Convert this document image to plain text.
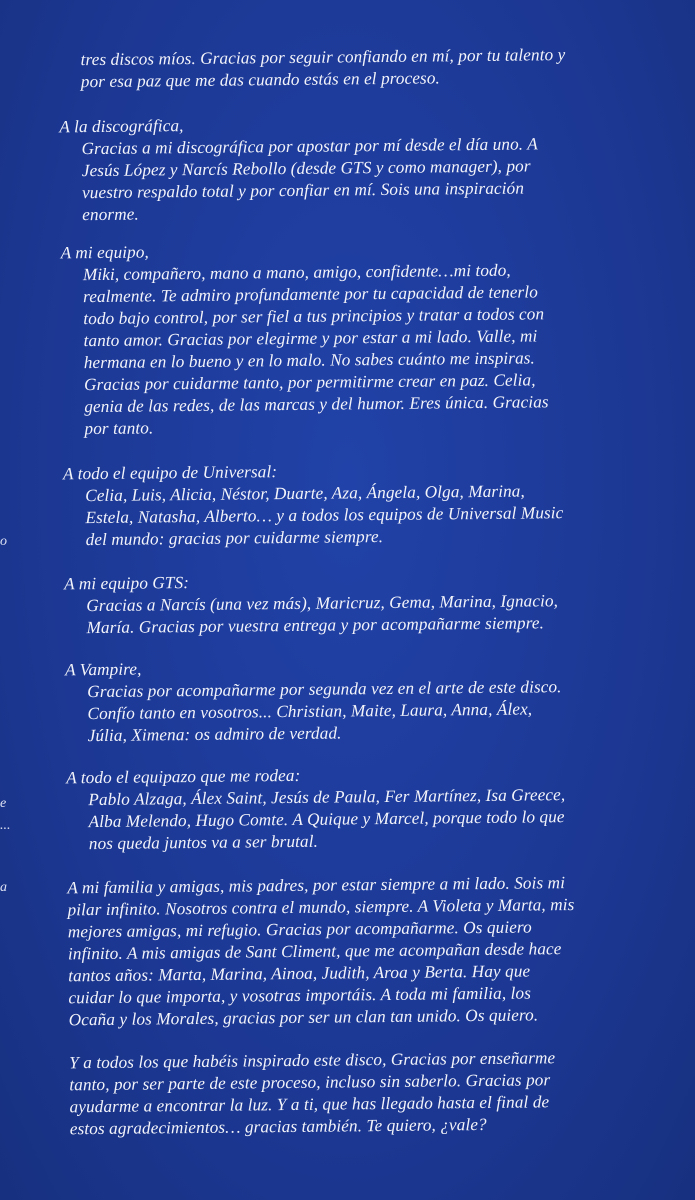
tres discos míos. Gracias por seguir confiando en mí, por tu talento y
por esa paz que me das cuando estás en el proceso.
A la discográfica,
Gracias a mi discográfica por apostar por mí desde el día uno. A
Jesús López y Narcís Rebollo (desde GTS y como manager), por
vuestro respaldo total y por confiar en mí. Sois una inspiración
enorme.
A mi equipo,
Miki, compañero, mano a mano, amigo, confidente…mi todo,
realmente. Te admiro profundamente por tu capacidad de tenerlo
todo bajo control, por ser fiel a tus principios y tratar a todos con
tanto amor. Gracias por elegirme y por estar a mi lado. Valle, mi
hermana en lo bueno y en lo malo. No sabes cuánto me inspiras.
Gracias por cuidarme tanto, por permitirme crear en paz. Celia,
genia de las redes, de las marcas y del humor. Eres única. Gracias
por tanto.
A todo el equipo de Universal:
Celia, Luis, Alicia, Néstor, Duarte, Aza, Ángela, Olga, Marina,
Estela, Natasha, Alberto… y a todos los equipos de Universal Music
del mundo: gracias por cuidarme siempre.
A mi equipo GTS:
Gracias a Narcís (una vez más), Maricruz, Gema, Marina, Ignacio,
María. Gracias por vuestra entrega y por acompañarme siempre.
A Vampire,
Gracias por acompañarme por segunda vez en el arte de este disco.
Confío tanto en vosotros... Christian, Maite, Laura, Anna, Álex,
Júlia, Ximena: os admiro de verdad.
A todo el equipazo que me rodea:
Pablo Alzaga, Álex Saint, Jesús de Paula, Fer Martínez, Isa Greece,
Alba Melendo, Hugo Comte. A Quique y Marcel, porque todo lo que
nos queda juntos va a ser brutal.
A mi familia y amigas, mis padres, por estar siempre a mi lado. Sois mi
pilar infinito. Nosotros contra el mundo, siempre. A Violeta y Marta, mis
mejores amigas, mi refugio. Gracias por acompañarme. Os quiero
infinito. A mis amigas de Sant Climent, que me acompañan desde hace
tantos años: Marta, Marina, Ainoa, Judith, Aroa y Berta. Hay que
cuidar lo que importa, y vosotras importáis. A toda mi familia, los
Ocaña y los Morales, gracias por ser un clan tan unido. Os quiero.
Y a todos los que habéis inspirado este disco, Gracias por enseñarme
tanto, por ser parte de este proceso, incluso sin saberlo. Gracias por
ayudarme a encontrar la luz. Y a ti, que has llegado hasta el final de
estos agradecimientos… gracias también. Te quiero, ¿vale?
o
e
...
a
